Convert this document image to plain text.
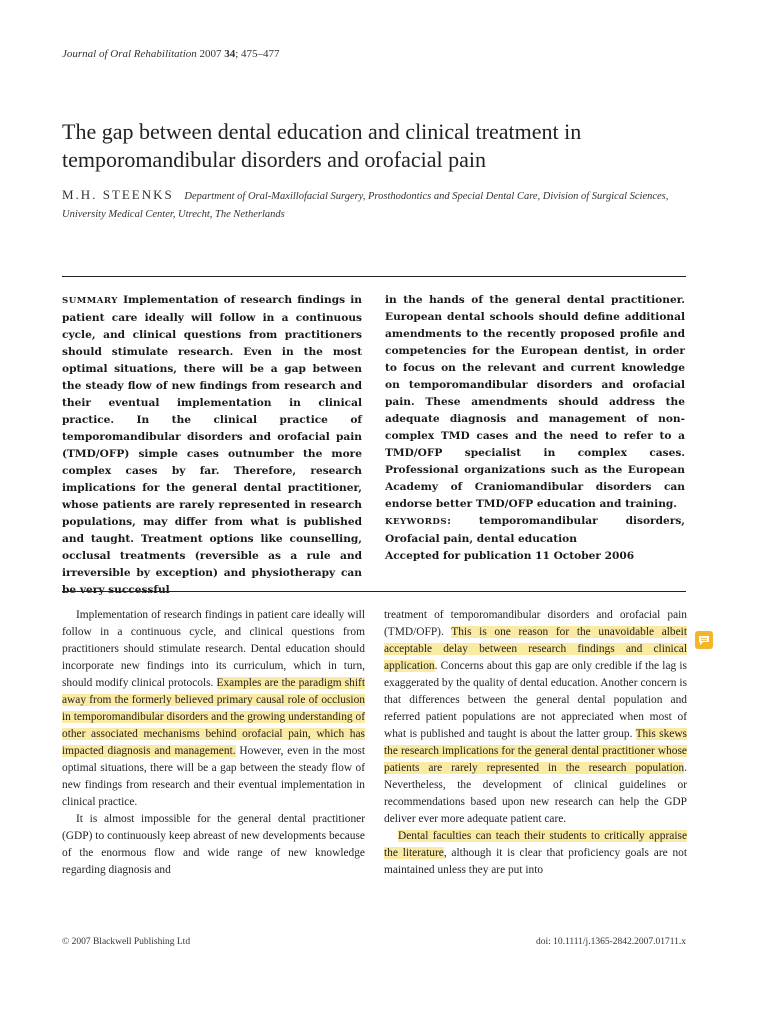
Journal of Oral Rehabilitation 2007 34; 475–477
The gap between dental education and clinical treatment in temporomandibular disorders and orofacial pain
M.H. STEENKS Department of Oral-Maxillofacial Surgery, Prosthodontics and Special Dental Care, Division of Surgical Sciences, University Medical Center, Utrecht, The Netherlands

SUMMARY Implementation of research findings in patient care ideally will follow in a continuous cycle, and clinical questions from practitioners should stimulate research. Even in the most optimal situations, there will be a gap between the steady flow of new findings from research and their eventual implementation in clinical practice. In the clinical practice of temporomandibular disorders and orofacial pain (TMD/OFP) simple cases outnumber the more complex cases by far. Therefore, research implications for the general dental practitioner, whose patients are rarely represented in research populations, may differ from what is published and taught. Treatment options like counselling, occlusal treatments (reversible as a rule and irreversible by exception) and physiotherapy can be very successful

in the hands of the general dental practitioner. European dental schools should define additional amendments to the recently proposed profile and competencies for the European dentist, in order to focus on the relevant and current knowledge on temporomandibular disorders and orofacial pain. These amendments should address the adequate diagnosis and management of non-complex TMD cases and the need to refer to a TMD/OFP specialist in complex cases. Professional organizations such as the European Academy of Craniomandibular disorders can endorse better TMD/OFP education and training.

KEYWORDS: temporomandibular disorders, Orofacial pain, dental education

Accepted for publication 11 October 2006

Implementation of research findings in patient care ideally will follow in a continuous cycle, and clinical questions from practitioners should stimulate research. Dental education should incorporate new findings into its curriculum, which in turn, should modify clinical protocols. Examples are the paradigm shift away from the formerly believed primary causal role of occlusion in temporomandibular disorders and the growing understanding of other associated mechanisms behind orofacial pain, which has impacted diagnosis and management. However, even in the most optimal situations, there will be a gap between the steady flow of new findings from research and their eventual implementation in clinical practice.

It is almost impossible for the general dental practitioner (GDP) to continuously keep abreast of new developments because of the enormous flow and wide range of new knowledge regarding diagnosis and

treatment of temporomandibular disorders and orofacial pain (TMD/OFP). This is one reason for the unavoidable albeit acceptable delay between research findings and clinical application. Concerns about this gap are only credible if the lag is exaggerated by the quality of dental education. Another concern is that differences between the general dental population and referred patient populations are not appreciated when most of what is published and taught is about the latter group. This skews the research implications for the general dental practitioner whose patients are rarely represented in the research population. Nevertheless, the development of clinical guidelines or recommendations based upon new research can help the GDP deliver ever more adequate patient care.

Dental faculties can teach their students to critically appraise the literature, although it is clear that proficiency goals are not maintained unless they are put into

© 2007 Blackwell Publishing Ltd	doi: 10.1111/j.1365-2842.2007.01711.x
